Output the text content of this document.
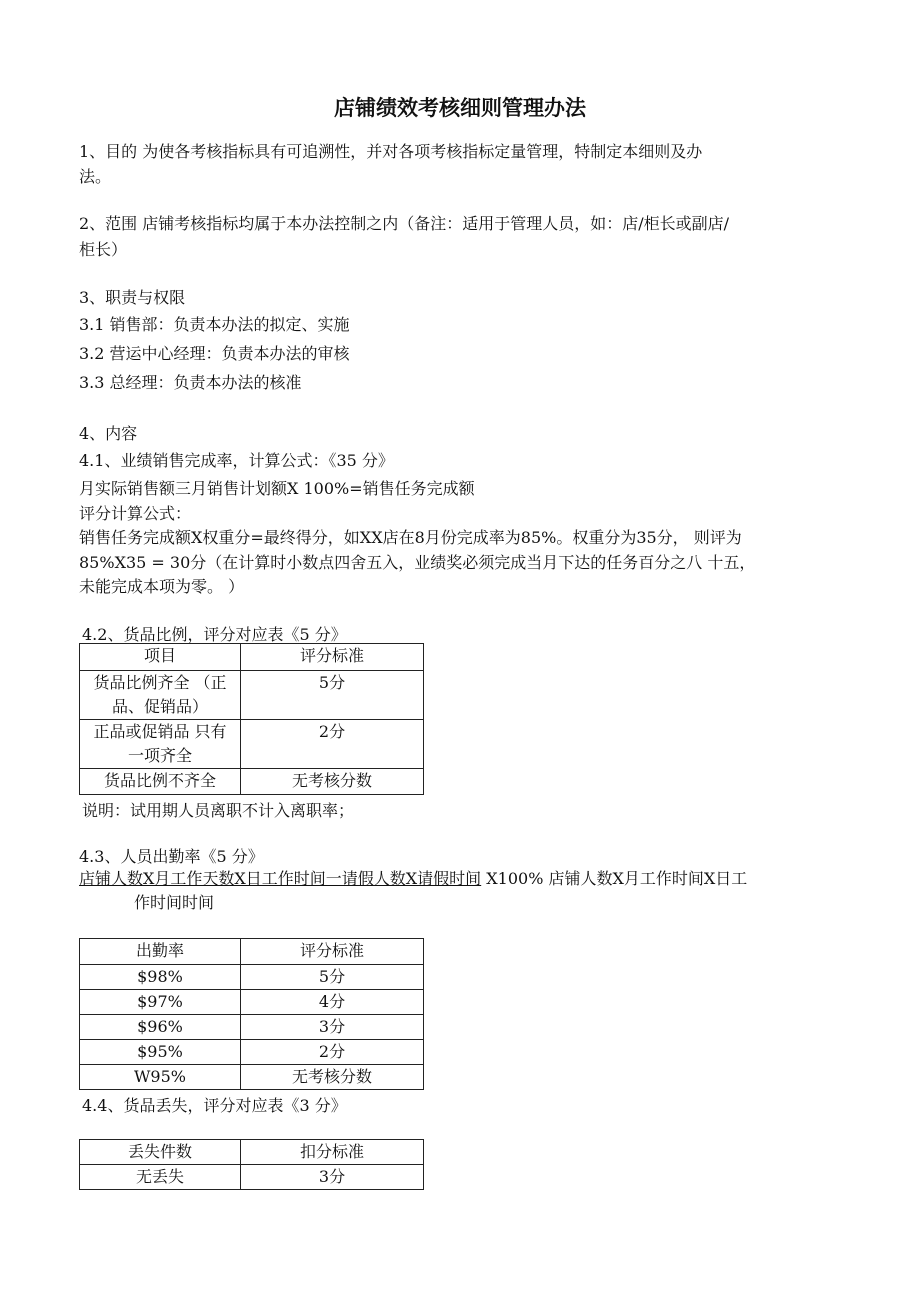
店铺绩效考核细则管理办法
1、目的 为使各考核指标具有可追溯性，并对各项考核指标定量管理，特制定本细则及办
法。
2、范围 店铺考核指标均属于本办法控制之内（备注：适用于管理人员，如：店/柜长或副店/
柜长）
3、职责与权限
3.1 销售部：负责本办法的拟定、实施
3.2 营运中心经理：负责本办法的审核
3.3 总经理：负责本办法的核准
4、内容
4.1、业绩销售完成率，计算公式：《35 分》
月实际销售额三月销售计划额X 100%=销售任务完成额
评分计算公式：
销售任务完成额X权重分=最终得分，如XX店在8月份完成率为85%。权重分为35分， 则评为
85%X35 = 30分（在计算时小数点四舍五入，业绩奖必须完成当月下达的任务百分之八 十五，
未能完成本项为零。 ）
4.2、货品比例，评分对应表《5 分》
项目	评分标准

货品比例齐全 （正
品、促销品）	5分

正品或促销品 只有
一项齐全	2分
货品比例不齐全	无考核分数
说明：试用期人员离职不计入离职率；
4.3、人员出勤率《5 分》
店铺人数X月工作天数X日工作时间一请假人数X请假时间 X100% 店铺人数X月工作时间X日工
作时间时间
出勤率	评分标准
$98%	5分
$97%	4分
$96%	3分
$95%	2分
W95%	无考核分数
4.4、货品丢失，评分对应表《3 分》
丢失件数	扣分标准
无丢失	3分
